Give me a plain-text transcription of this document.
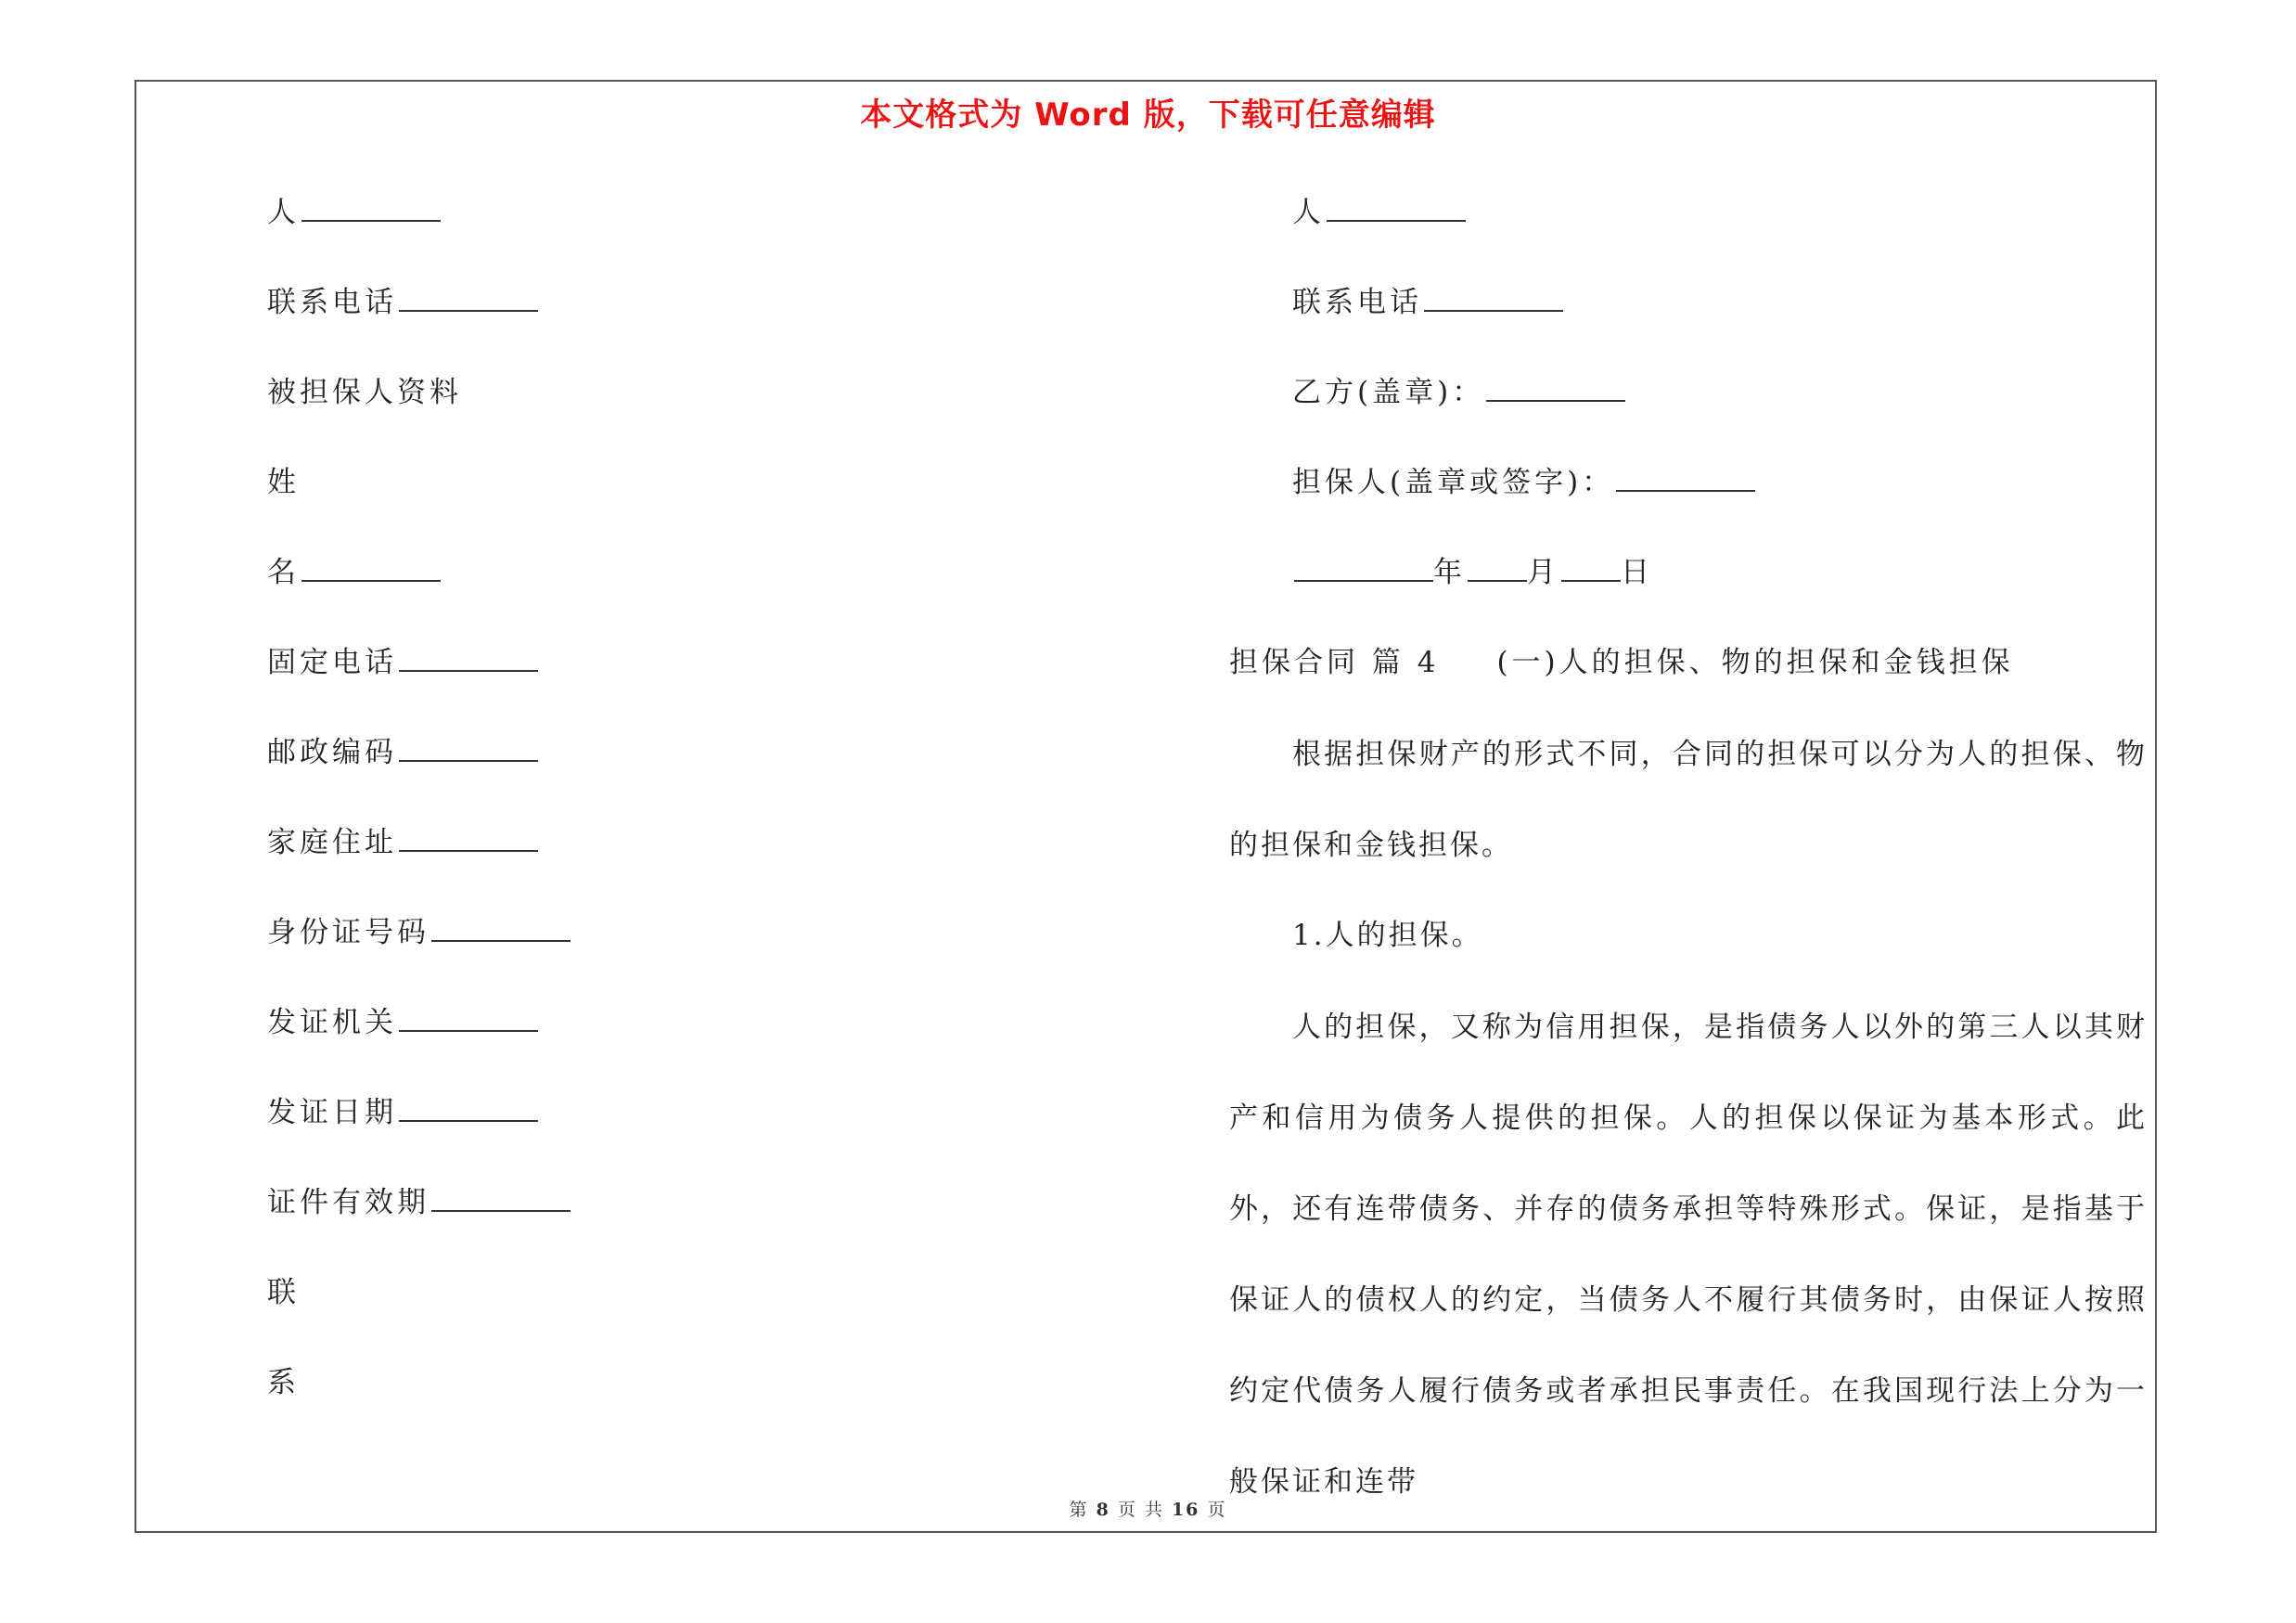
本文格式为 Word 版，下载可任意编辑
人
联系电话
被担保人资料
姓
名
固定电话
邮政编码
家庭住址
身份证号码
发证机关
发证日期
证件有效期
联
系
人
联系电话
乙方(盖章)：
担保人(盖章或签字)：
年 月 日
担保合同 篇 4 (一)人的担保、物的担保和金钱担保

根据担保财产的形式不同，合同的担保可以分为人的担保、物的担保和金钱担保。

1.人的担保。

人的担保，又称为信用担保，是指债务人以外的第三人以其财产和信用为债务人提供的担保。人的担保以保证为基本形式。此外，还有连带债务、并存的债务承担等特殊形式。保证，是指基于保证人的债权人的约定，当债务人不履行其债务时，由保证人按照约定代债务人履行债务或者承担民事责任。在我国现行法上分为一般保证和连带

第 8 页 共 16 页
